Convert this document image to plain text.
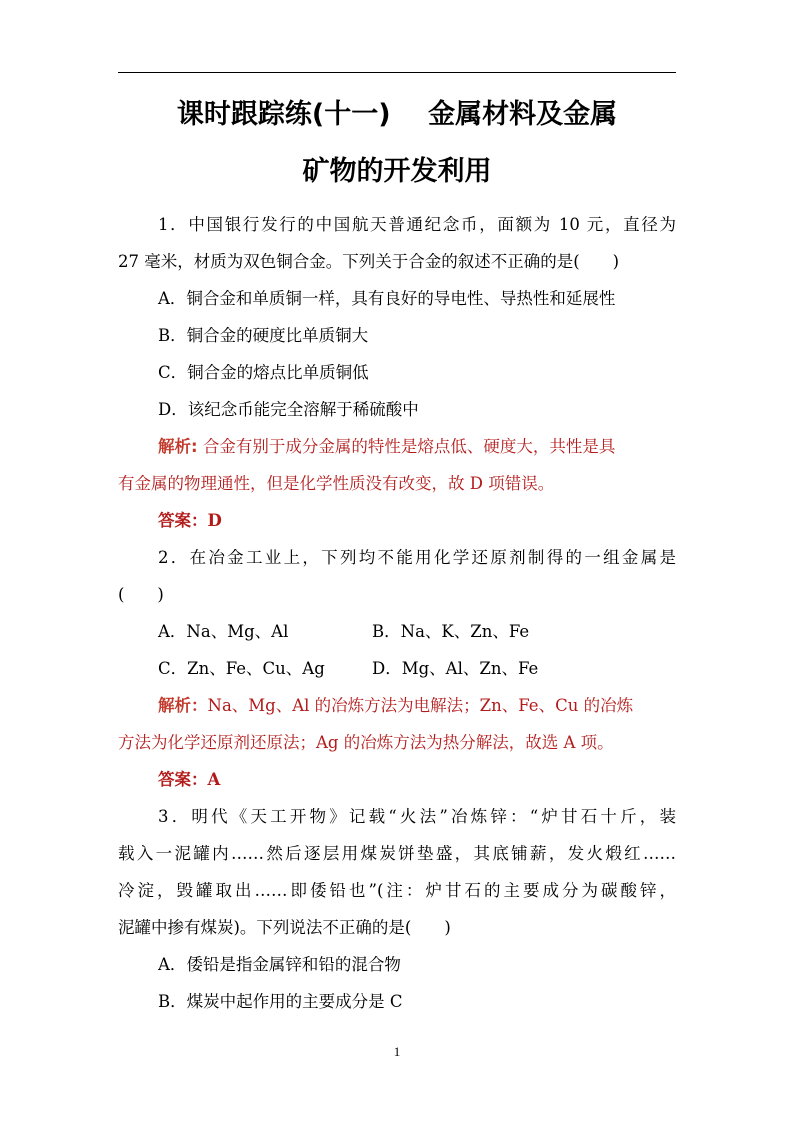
课时跟踪练(十一)    金属材料及金属
矿物的开发利用
1．中国银行发行的中国航天普通纪念币，面额为 10 元，直径为
27 毫米，材质为双色铜合金。下列关于合金的叙述不正确的是(　　)
A．铜合金和单质铜一样，具有良好的导电性、导热性和延展性
B．铜合金的硬度比单质铜大
C．铜合金的熔点比单质铜低
D．该纪念币能完全溶解于稀硫酸中
解析: 合金有别于成分金属的特性是熔点低、硬度大，共性是具
有金属的物理通性，但是化学性质没有改变，故 D 项错误。
答案：D
2．在冶金工业上，下列均不能用化学还原剂制得的一组金属是
(　　)
A．Na、Mg、Al	B．Na、K、Zn、Fe
C．Zn、Fe、Cu、Ag	D．Mg、Al、Zn、Fe
解析：Na、Mg、Al 的冶炼方法为电解法；Zn、Fe、Cu 的冶炼
方法为化学还原剂还原法；Ag 的冶炼方法为热分解法，故选 A 项。
答案：A
3．明代《天工开物》记载“火法”冶炼锌：“炉甘石十斤，装
载入一泥罐内……然后逐层用煤炭饼垫盛，其底铺薪，发火煅红……
冷淀，毁罐取出……即倭铅也”(注：炉甘石的主要成分为碳酸锌，
泥罐中掺有煤炭)。下列说法不正确的是(　　)
A．倭铅是指金属锌和铅的混合物
B．煤炭中起作用的主要成分是 C
1
